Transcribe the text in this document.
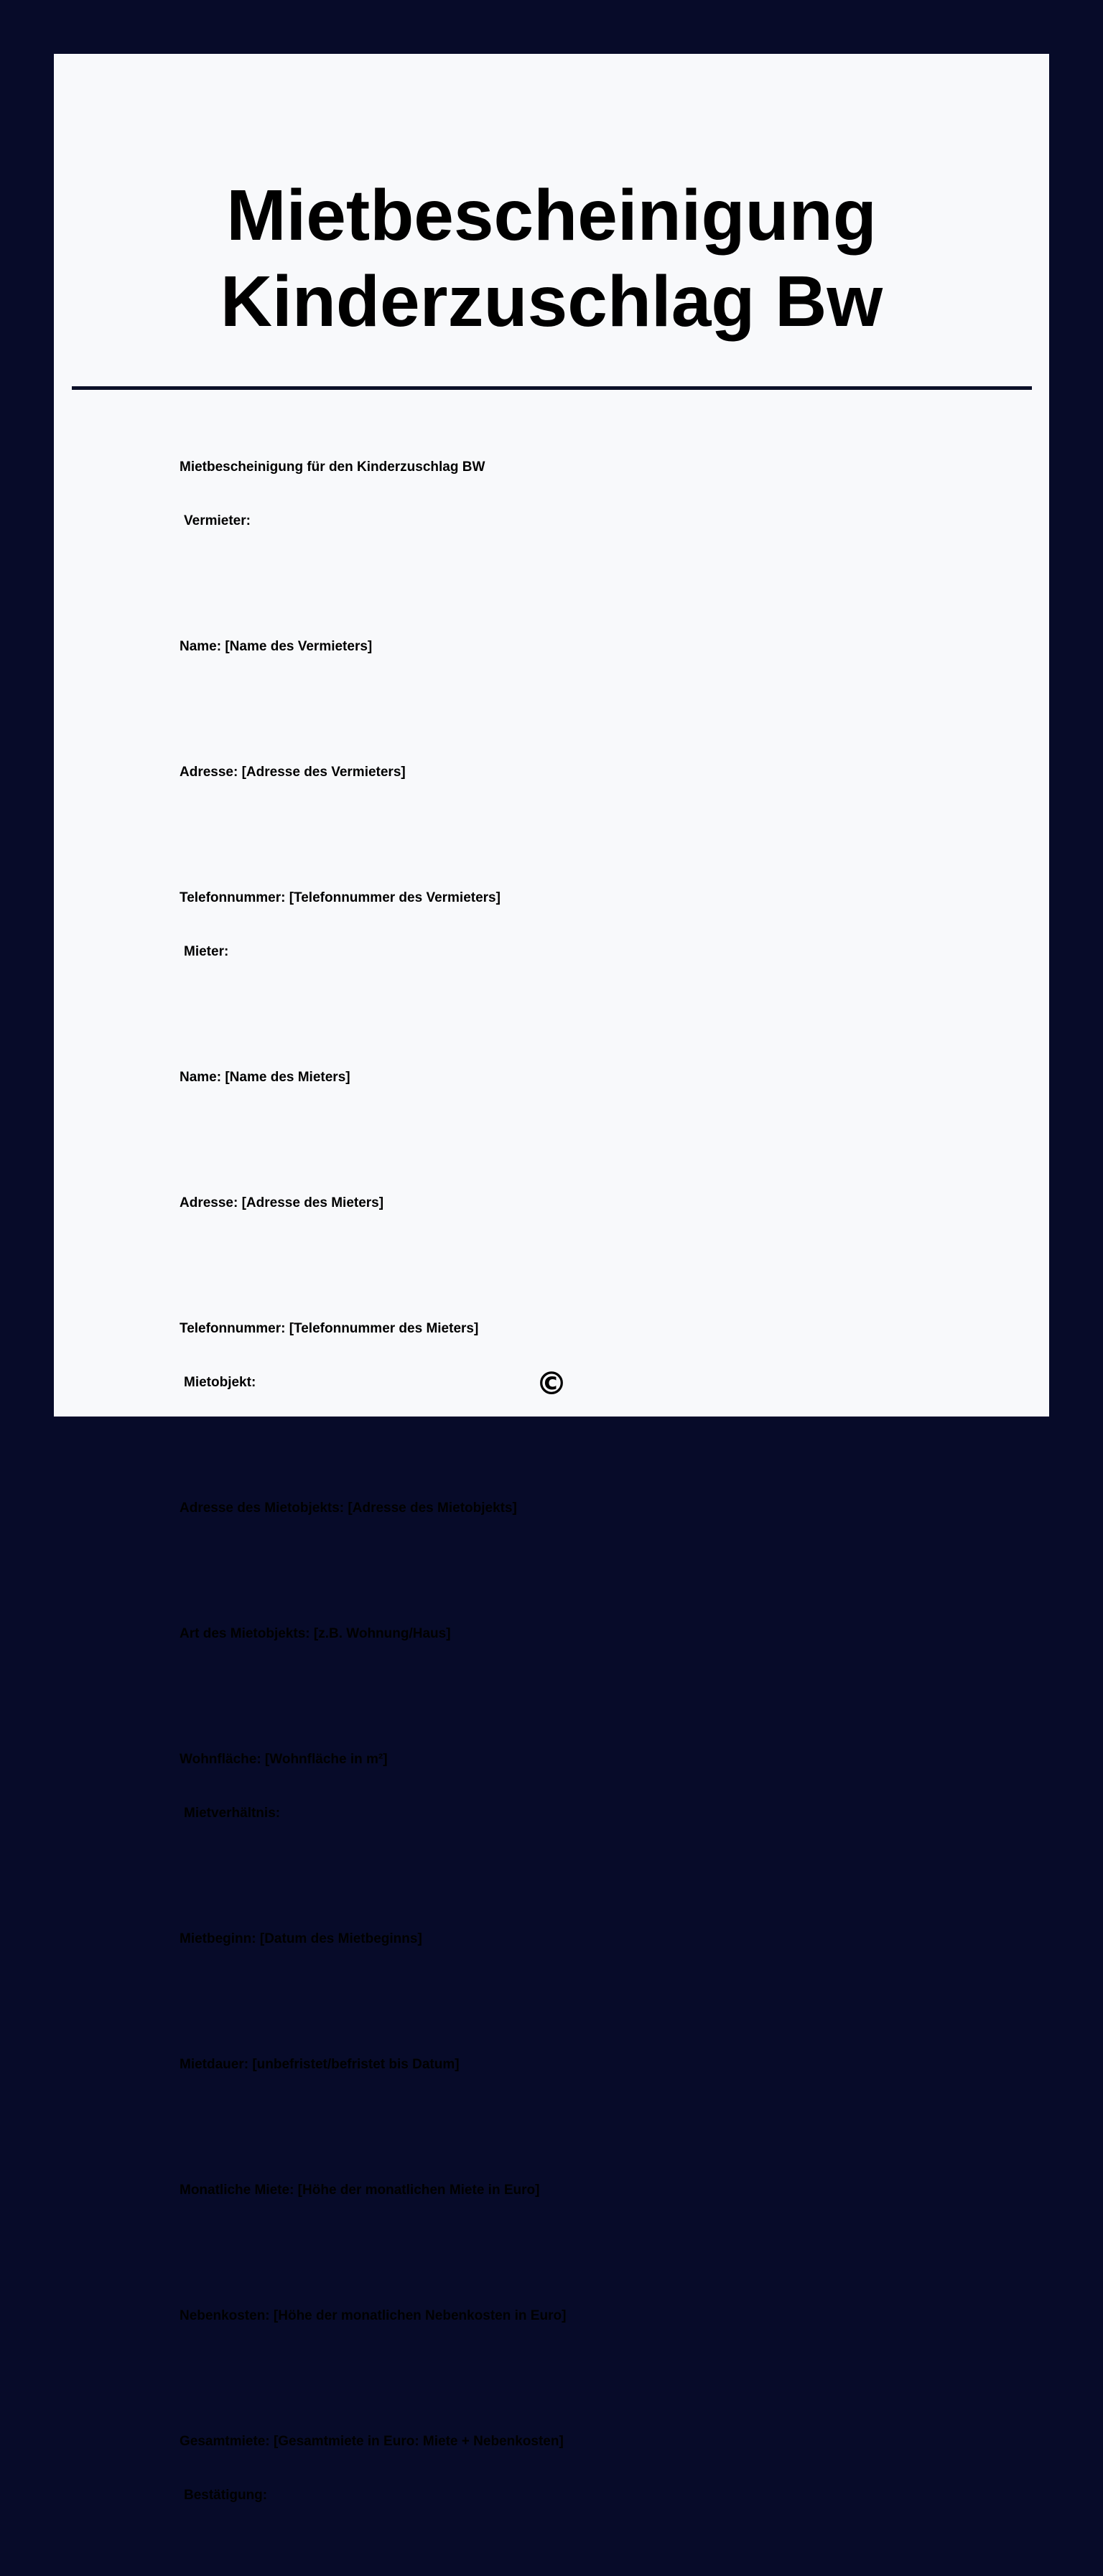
Mietbescheinigung
Kinderzuschlag Bw

Mietbescheinigung für den Kinderzuschlag BW

Vermieter:

Name: [Name des Vermieters]

Adresse: [Adresse des Vermieters]

Telefonnummer: [Telefonnummer des Vermieters]

Mieter:

Name: [Name des Mieters]

Adresse: [Adresse des Mieters]

Telefonnummer: [Telefonnummer des Mieters]

Mietobjekt:

Adresse des Mietobjekts: [Adresse des Mietobjekts]

Art des Mietobjekts: [z.B. Wohnung/Haus]

Wohnfläche: [Wohnfläche in m²]

Mietverhältnis:

Mietbeginn: [Datum des Mietbeginns]

Mietdauer: [unbefristet/befristet bis Datum]

Monatliche Miete: [Höhe der monatlichen Miete in Euro]

Nebenkosten: [Höhe der monatlichen Nebenkosten in Euro]

Gesamtmiete: [Gesamtmiete in Euro: Miete + Nebenkosten]

Bestätigung:

©
